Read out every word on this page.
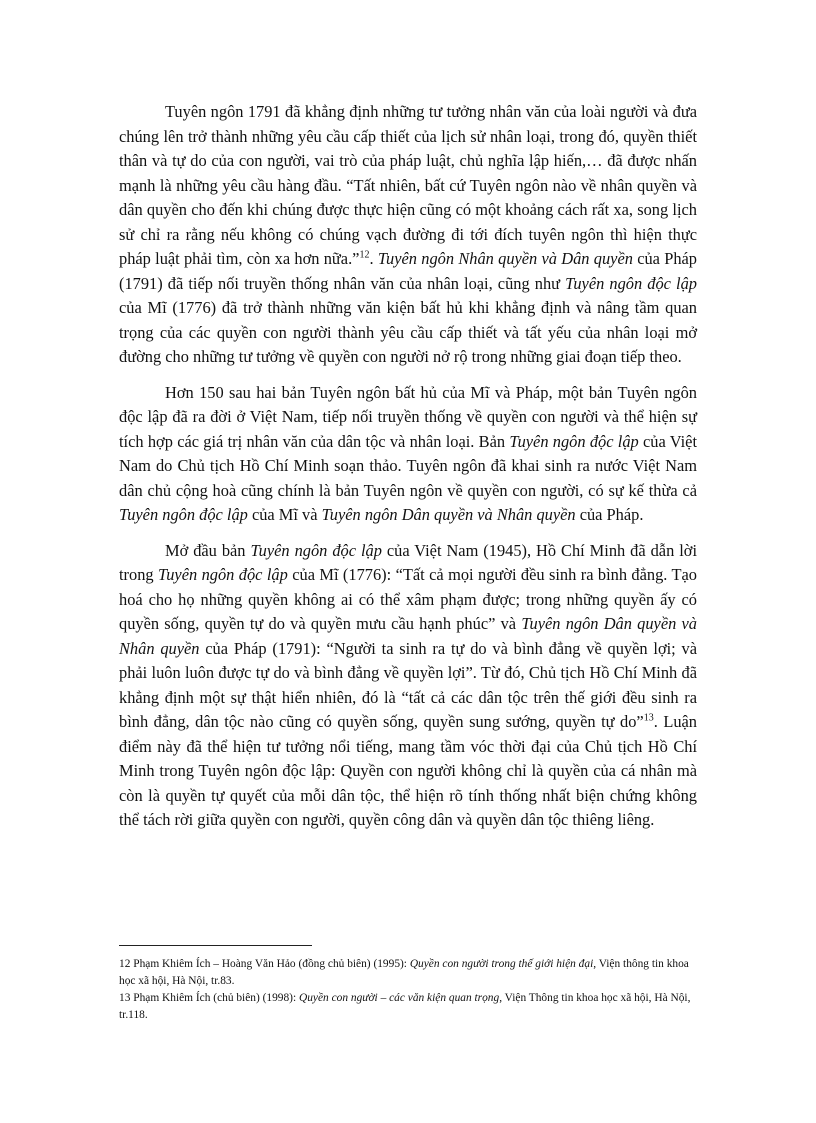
Tuyên ngôn 1791 đã khẳng định những tư tưởng nhân văn của loài người và đưa chúng lên trở thành những yêu cầu cấp thiết của lịch sử nhân loại, trong đó, quyền thiết thân và tự do của con người, vai trò của pháp luật, chủ nghĩa lập hiến,… đã được nhấn mạnh là những yêu cầu hàng đầu. “Tất nhiên, bất cứ Tuyên ngôn nào về nhân quyền và dân quyền cho đến khi chúng được thực hiện cũng có một khoảng cách rất xa, song lịch sử chỉ ra rằng nếu không có chúng vạch đường đi tới đích tuyên ngôn thì hiện thực pháp luật phải tìm, còn xa hơn nữa.”$^{12}$. Tuyên ngôn Nhân quyền và Dân quyền của Pháp (1791) đã tiếp nối truyền thống nhân văn của nhân loại, cũng như Tuyên ngôn độc lập của Mĩ (1776) đã trở thành những văn kiện bất hủ khi khẳng định và nâng tầm quan trọng của các quyền con người thành yêu cầu cấp thiết và tất yếu của nhân loại mở đường cho những tư tưởng về quyền con người nở rộ trong những giai đoạn tiếp theo.

Hơn 150 sau hai bản Tuyên ngôn bất hủ của Mĩ và Pháp, một bản Tuyên ngôn độc lập đã ra đời ở Việt Nam, tiếp nối truyền thống về quyền con người và thể hiện sự tích hợp các giá trị nhân văn của dân tộc và nhân loại. Bản Tuyên ngôn độc lập của Việt Nam do Chủ tịch Hồ Chí Minh soạn thảo. Tuyên ngôn đã khai sinh ra nước Việt Nam dân chủ cộng hoà cũng chính là bản Tuyên ngôn về quyền con người, có sự kế thừa cả Tuyên ngôn độc lập của Mĩ và Tuyên ngôn Dân quyền và Nhân quyền của Pháp.

Mở đầu bản Tuyên ngôn độc lập của Việt Nam (1945), Hồ Chí Minh đã dẫn lời trong Tuyên ngôn độc lập của Mĩ (1776): “Tất cả mọi người đều sinh ra bình đẳng. Tạo hoá cho họ những quyền không ai có thể xâm phạm được; trong những quyền ấy có quyền sống, quyền tự do và quyền mưu cầu hạnh phúc” và Tuyên ngôn Dân quyền và Nhân quyền của Pháp (1791): “Người ta sinh ra tự do và bình đẳng về quyền lợi; và phải luôn luôn được tự do và bình đẳng về quyền lợi”. Từ đó, Chủ tịch Hồ Chí Minh đã khẳng định một sự thật hiển nhiên, đó là “tất cả các dân tộc trên thế giới đều sinh ra bình đẳng, dân tộc nào cũng có quyền sống, quyền sung sướng, quyền tự do”$^{13}$. Luận điểm này đã thể hiện tư tưởng nổi tiếng, mang tầm vóc thời đại của Chủ tịch Hồ Chí Minh trong Tuyên ngôn độc lập: Quyền con người không chỉ là quyền của cá nhân mà còn là quyền tự quyết của mỗi dân tộc, thể hiện rõ tính thống nhất biện chứng không thể tách rời giữa quyền con người, quyền công dân và quyền dân tộc thiêng liêng.

12 Phạm Khiêm Ích – Hoàng Văn Hảo (đồng chủ biên) (1995): Quyền con người trong thế giới hiện đại, Viện thông tin khoa học xã hội, Hà Nội, tr.83.

13 Phạm Khiêm Ích (chủ biên) (1998): Quyền con người – các văn kiện quan trọng, Viện Thông tin khoa học xã hội, Hà Nội, tr.118.
